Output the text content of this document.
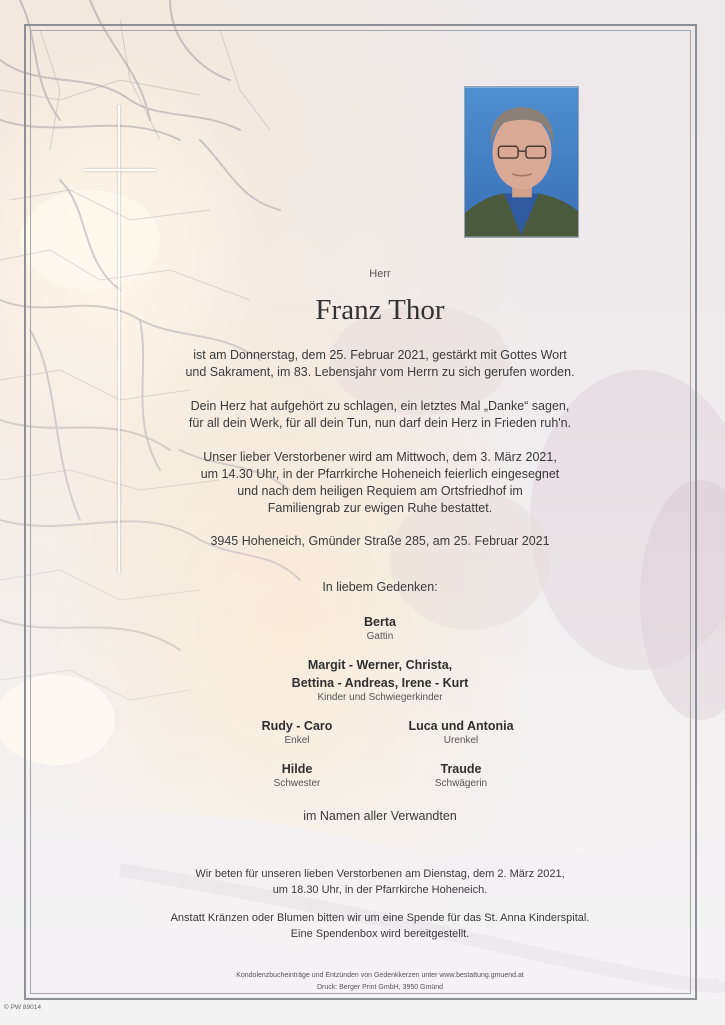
Herr
Franz Thor
ist am Donnerstag, dem 25. Februar 2021, gestärkt mit Gottes Wort
und Sakrament, im 83. Lebensjahr vom Herrn zu sich gerufen worden.
Dein Herz hat aufgehört zu schlagen, ein letztes Mal „Danke“ sagen,
für all dein Werk, für all dein Tun, nun darf dein Herz in Frieden ruh'n.
Unser lieber Verstorbener wird am Mittwoch, dem 3. März 2021,
um 14.30 Uhr, in der Pfarrkirche Hoheneich feierlich eingesegnet
und nach dem heiligen Requiem am Ortsfriedhof im
Familiengrab zur ewigen Ruhe bestattet.
3945 Hoheneich, Gmünder Straße 285, am 25. Februar 2021
In liebem Gedenken:
Berta
Gattin
Margit - Werner, Christa,
Bettina - Andreas, Irene - Kurt
Kinder und Schwiegerkinder
Rudy - Caro
Enkel
Luca und Antonia
Urenkel
Hilde
Schwester
Traude
Schwägerin
im Namen aller Verwandten
Wir beten für unseren lieben Verstorbenen am Dienstag, dem 2. März 2021,
um 18.30 Uhr, in der Pfarrkirche Hoheneich.
Anstatt Kränzen oder Blumen bitten wir um eine Spende für das St. Anna Kinderspital.
Eine Spendenbox wird bereitgestellt.
Kondolenzbucheinträge und Entzünden von Gedenkkerzen unter www.bestattung.gmuend.at
Druck: Berger Print GmbH, 3950 Gmünd
© PW 89014
